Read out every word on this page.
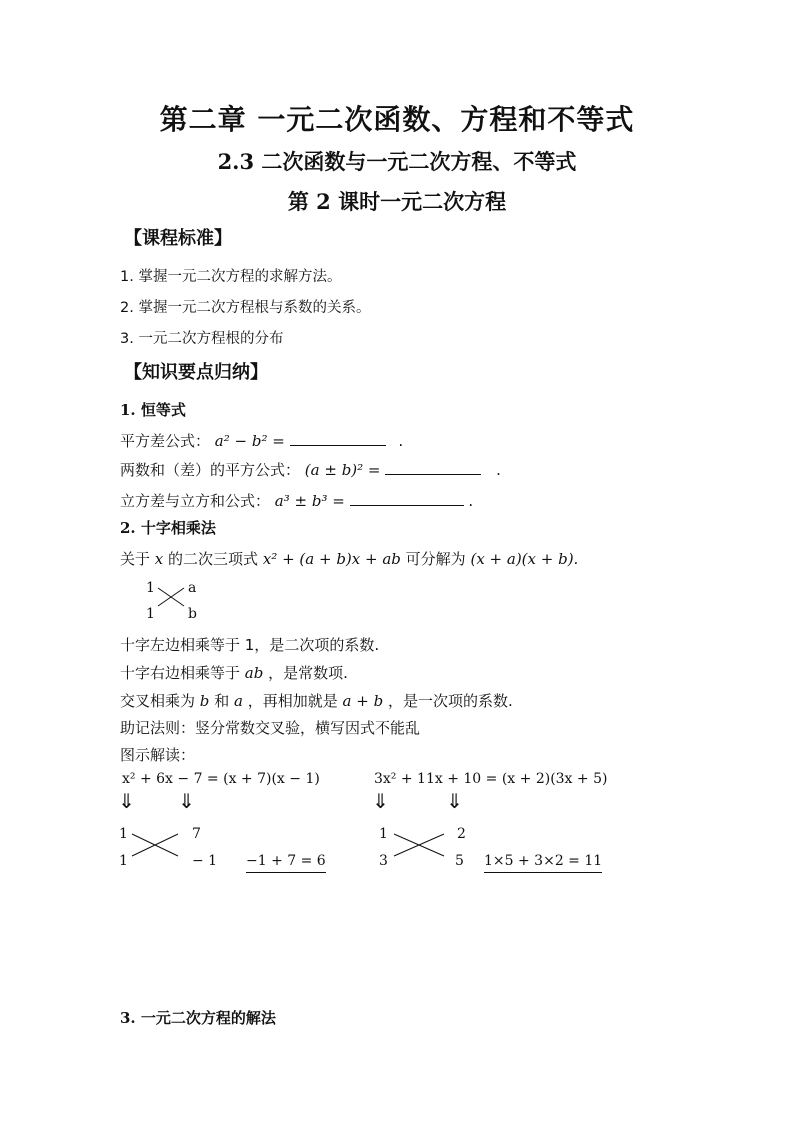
第二章 一元二次函数、方程和不等式
2.3 二次函数与一元二次方程、不等式
第 2 课时一元二次方程
【课程标准】
1. 掌握一元二次方程的求解方法。
2. 掌握一元二次方程根与系数的关系。
3. 一元二次方程根的分布
【知识要点归纳】
1. 恒等式
平方差公式： a² − b² =	.
两数和（差）的平方公式： (a ± b)² =	.
立方差与立方和公式： a³ ± b³ =	.
2. 十字相乘法
关于 x 的二次三项式 x² + (a + b)x + ab 可分解为 (x + a)(x + b).
1 a
1 b
十字左边相乘等于 1，是二次项的系数.
十字右边相乘等于 ab ，是常数项.
交叉相乘为 b 和 a ，再相加就是 a + b ，是一次项的系数.
助记法则：竖分常数交叉验，横写因式不能乱
图示解读：
x² + 6x − 7 = (x + 7)(x − 1)
⇓ ⇓
1	7
1	− 1 −1 + 7 = 6
3x² + 11x + 10 = (x + 2)(3x + 5)
⇓	⇓
1	2
3	5 1×5 + 3×2 = 11
3. 一元二次方程的解法
